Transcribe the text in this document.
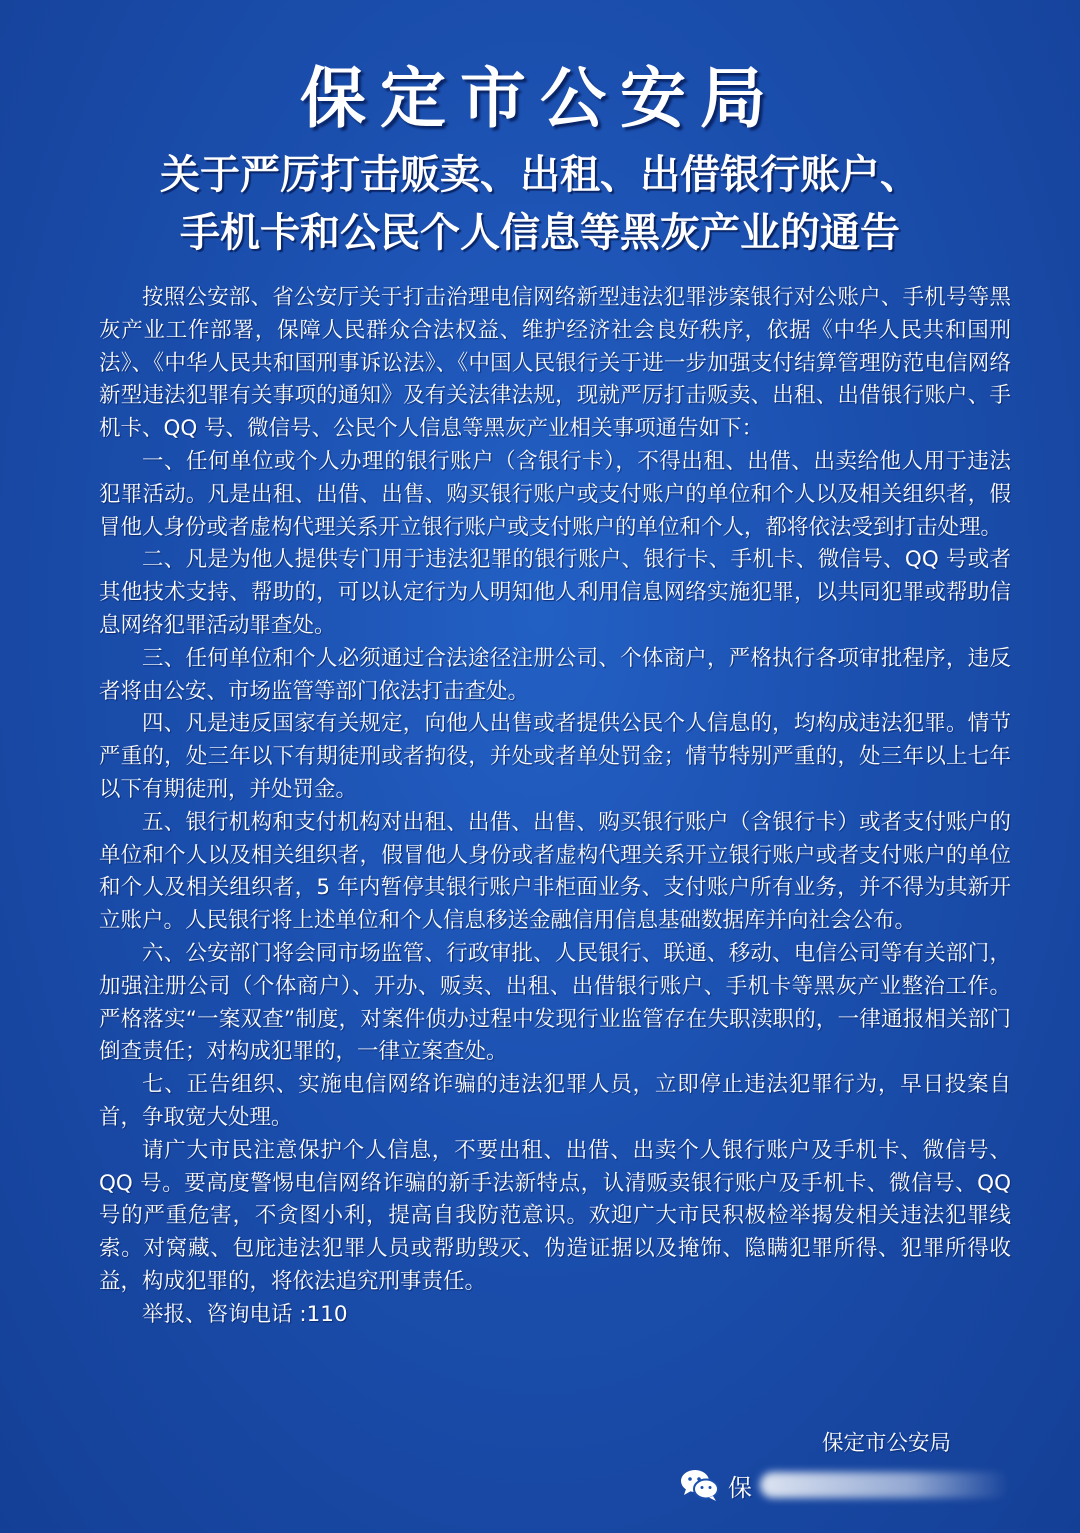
保定市公安局
关于严厉打击贩卖、出租、出借银行账户、
手机卡和公民个人信息等黑灰产业的通告

按照公安部、省公安厅关于打击治理电信网络新型违法犯罪涉案银行对公账户、手机号等黑灰产业工作部署，保障人民群众合法权益、维护经济社会良好秩序，依据《中华人民共和国刑法》、《中华人民共和国刑事诉讼法》、《中国人民银行关于进一步加强支付结算管理防范电信网络新型违法犯罪有关事项的通知》及有关法律法规，现就严厉打击贩卖、出租、出借银行账户、手机卡、QQ 号、微信号、公民个人信息等黑灰产业相关事项通告如下：

一、任何单位或个人办理的银行账户（含银行卡），不得出租、出借、出卖给他人用于违法犯罪活动。凡是出租、出借、出售、购买银行账户或支付账户的单位和个人以及相关组织者，假冒他人身份或者虚构代理关系开立银行账户或支付账户的单位和个人，都将依法受到打击处理。

二、凡是为他人提供专门用于违法犯罪的银行账户、银行卡、手机卡、微信号、QQ 号或者其他技术支持、帮助的，可以认定行为人明知他人利用信息网络实施犯罪，以共同犯罪或帮助信息网络犯罪活动罪查处。

三、任何单位和个人必须通过合法途径注册公司、个体商户，严格执行各项审批程序，违反者将由公安、市场监管等部门依法打击查处。

四、凡是违反国家有关规定，向他人出售或者提供公民个人信息的，均构成违法犯罪。情节严重的，处三年以下有期徒刑或者拘役，并处或者单处罚金；情节特别严重的，处三年以上七年以下有期徒刑，并处罚金。

五、银行机构和支付机构对出租、出借、出售、购买银行账户（含银行卡）或者支付账户的单位和个人以及相关组织者，假冒他人身份或者虚构代理关系开立银行账户或者支付账户的单位和个人及相关组织者，5 年内暂停其银行账户非柜面业务、支付账户所有业务，并不得为其新开立账户。人民银行将上述单位和个人信息移送金融信用信息基础数据库并向社会公布。

六、公安部门将会同市场监管、行政审批、人民银行、联通、移动、电信公司等有关部门，加强注册公司（个体商户）、开办、贩卖、出租、出借银行账户、手机卡等黑灰产业整治工作。严格落实“一案双查”制度，对案件侦办过程中发现行业监管存在失职渎职的，一律通报相关部门倒查责任；对构成犯罪的，一律立案查处。

七、正告组织、实施电信网络诈骗的违法犯罪人员，立即停止违法犯罪行为，早日投案自首，争取宽大处理。

请广大市民注意保护个人信息，不要出租、出借、出卖个人银行账户及手机卡、微信号、QQ 号。要高度警惕电信网络诈骗的新手法新特点，认清贩卖银行账户及手机卡、微信号、QQ 号的严重危害，不贪图小利，提高自我防范意识。欢迎广大市民积极检举揭发相关违法犯罪线索。对窝藏、包庇违法犯罪人员或帮助毁灭、伪造证据以及掩饰、隐瞒犯罪所得、犯罪所得收益，构成犯罪的，将依法追究刑事责任。

举报、咨询电话 :110

保定市公安局
保
